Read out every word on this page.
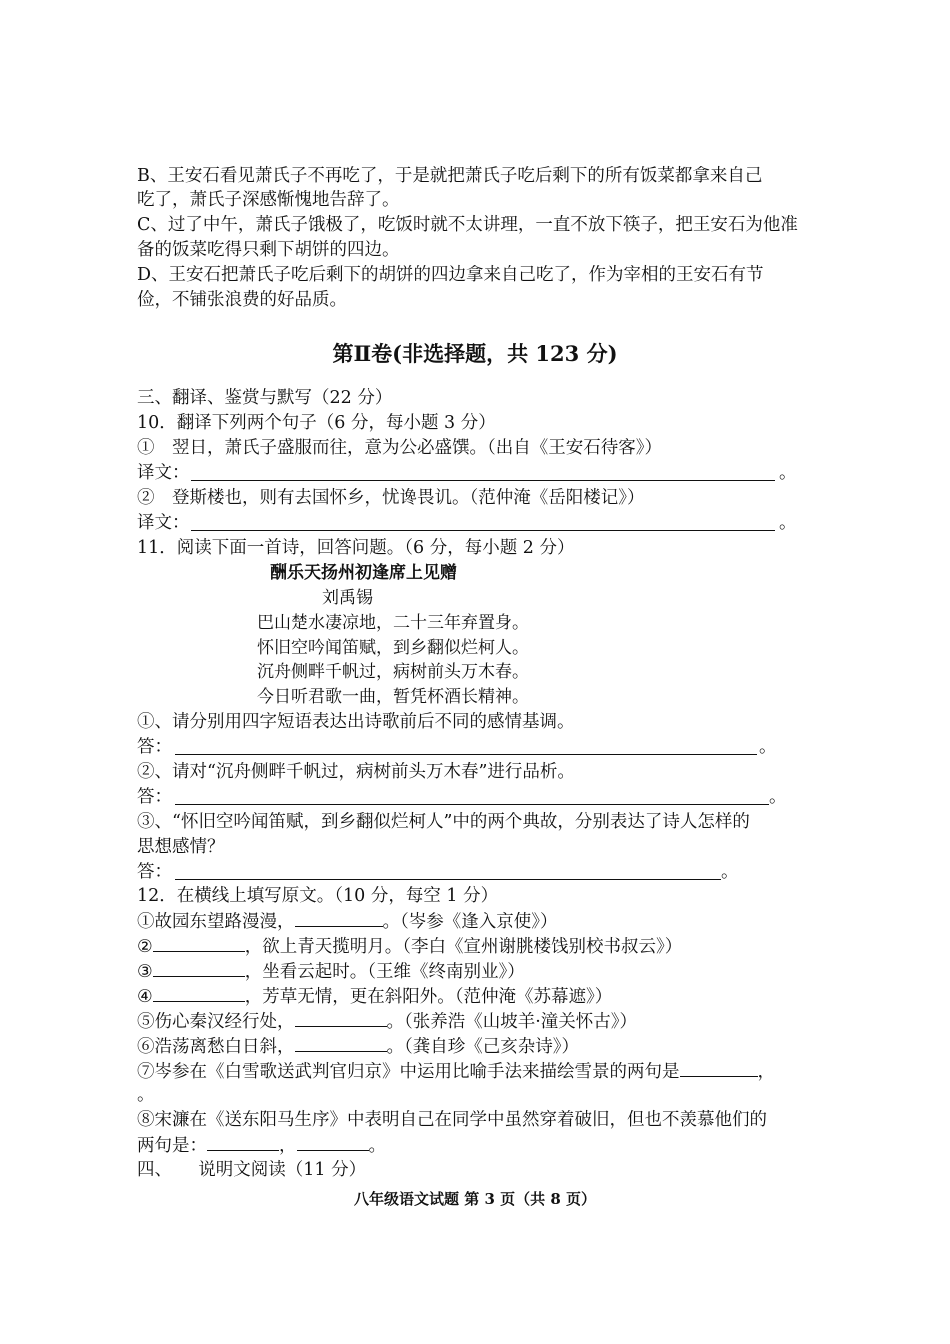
B、王安石看见萧氏子不再吃了，于是就把萧氏子吃后剩下的所有饭菜都拿来自己
吃了，萧氏子深感惭愧地告辞了。
C、过了中午，萧氏子饿极了，吃饭时就不太讲理，一直不放下筷子，把王安石为他准
备的饭菜吃得只剩下胡饼的四边。
D、王安石把萧氏子吃后剩下的胡饼的四边拿来自己吃了，作为宰相的王安石有节
俭，不铺张浪费的好品质。
第Ⅱ卷(非选择题，共 123 分)
三、翻译、鉴赏与默写（22 分）
10．翻译下列两个句子（6 分，每小题 3 分）
①　翌日，萧氏子盛服而往，意为公必盛馔。（出自《王安石待客》）
译文：	。
②　登斯楼也，则有去国怀乡，忧谗畏讥。（范仲淹《岳阳楼记》）
译文：	。
11．阅读下面一首诗，回答问题。（6 分，每小题 2 分）
酬乐天扬州初逢席上见赠
刘禹锡
巴山楚水凄凉地，二十三年弃置身。
怀旧空吟闻笛赋，到乡翻似烂柯人。
沉舟侧畔千帆过，病树前头万木春。
今日听君歌一曲，暂凭杯酒长精神。
①、请分别用四字短语表达出诗歌前后不同的感情基调。
答：	。
②、请对“沉舟侧畔千帆过，病树前头万木春”进行品析。
答：	。
③、“怀旧空吟闻笛赋，到乡翻似烂柯人”中的两个典故，分别表达了诗人怎样的
思想感情？
答：	。
12．在横线上填写原文。（10 分，每空 1 分）
①故园东望路漫漫，	。（岑参《逢入京使》）
②	，欲上青天揽明月。（李白《宣州谢朓楼饯别校书叔云》）
③	，坐看云起时。（王维《终南别业》）
④	，芳草无情，更在斜阳外。（范仲淹《苏幕遮》）
⑤伤心秦汉经行处，	。（张养浩《山坡羊·潼关怀古》）
⑥浩荡离愁白日斜，	。（龚自珍《己亥杂诗》）
⑦岑参在《白雪歌送武判官归京》中运用比喻手法来描绘雪景的两句是	，
。
⑧宋濂在《送东阳马生序》中表明自己在同学中虽然穿着破旧，但也不羡慕他们的
两句是：	，	。
四、　　说明文阅读（11 分）
八年级语文试题 第 3 页（共 8 页）
